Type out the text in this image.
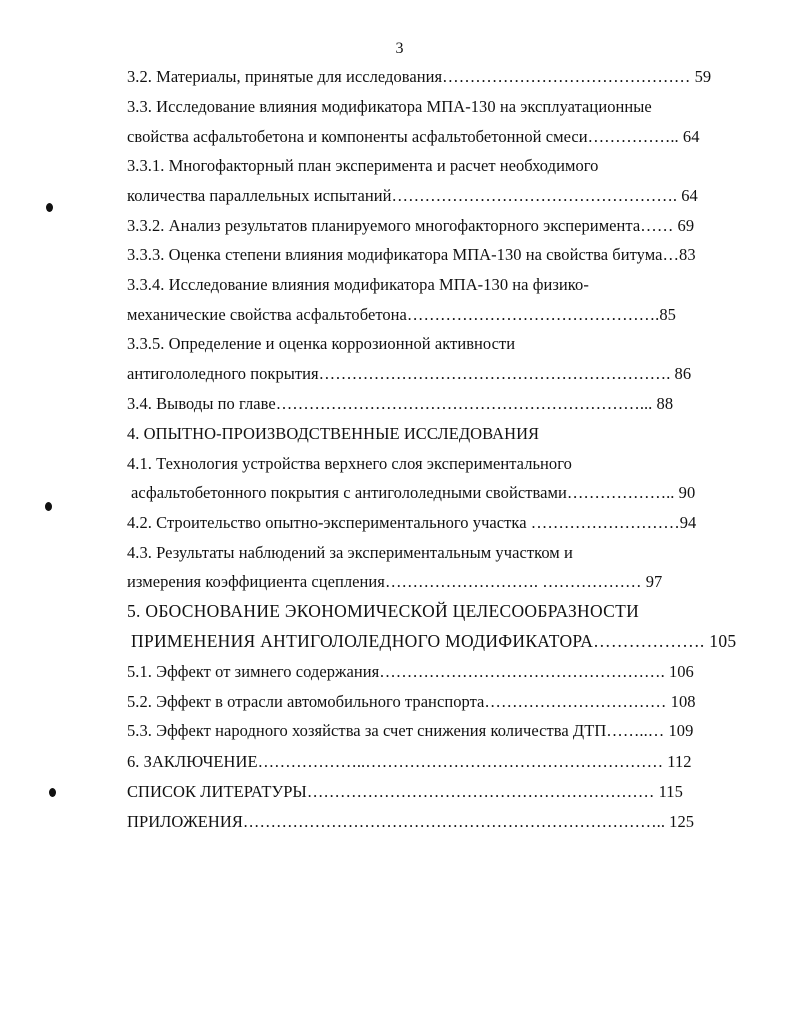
3
3.2. Материалы, принятые для исследования……………………………………… 59
3.3. Исследование влияния модификатора МПА-130 на эксплуатационные
свойства асфальтобетона и компоненты асфальтобетонной смеси…………….. 64
3.3.1. Многофакторный план эксперимента и расчет необходимого
количества параллельных испытаний……………………………………………. 64
3.3.2. Анализ результатов планируемого многофакторного эксперимента…… 69
3.3.3. Оценка степени влияния модификатора МПА-130 на свойства битума…83
3.3.4. Исследование влияния модификатора МПА-130 на физико-
механические свойства асфальтобетона……………………………………….85
3.3.5. Определение и оценка коррозионной активности
антигололедного покрытия………………………………………………………. 86
3.4. Выводы по главе…………………………………………………………... 88
4. ОПЫТНО-ПРОИЗВОДСТВЕННЫЕ ИССЛЕДОВАНИЯ
4.1. Технология устройства верхнего слоя экспериментального
асфальтобетонного покрытия с антигололедными свойствами……………….. 90
4.2. Строительство опытно-экспериментального участка ………………………94
4.3. Результаты наблюдений за экспериментальным участком и
измерения коэффициента сцепления………………………. ……………… 97
5. ОБОСНОВАНИЕ ЭКОНОМИЧЕСКОЙ ЦЕЛЕСООБРАЗНОСТИ
ПРИМЕНЕНИЯ АНТИГОЛОЛЕДНОГО МОДИФИКАТОРА………………. 105
5.1. Эффект от зимнего содержания……………………………………………. 106
5.2. Эффект в отрасли автомобильного транспорта…………………………… 108
5.3. Эффект народного хозяйства за счет снижения количества ДТП……..… 109
6. ЗАКЛЮЧЕНИЕ………………..……………………………………………… 112
СПИСОК ЛИТЕРАТУРЫ……………………………………………………… 115
ПРИЛОЖЕНИЯ………………………………………………………………….. 125
